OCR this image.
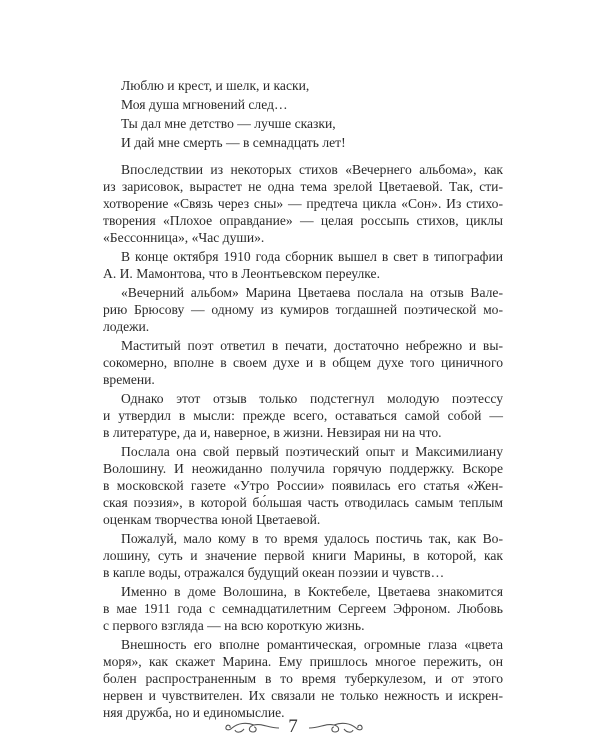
Люблю и крест, и шелк, и каски,
Моя душа мгновений след…
Ты дал мне детство — лучше сказки,
И дай мне смерть — в семнадцать лет!
Впоследствии из некоторых стихов «Вечернего альбома», как
из зарисовок, вырастет не одна тема зрелой Цветаевой. Так, сти-
хотворение «Связь через сны» — предтеча цикла «Сон». Из стихо-
творения «Плохое оправдание» — целая россыпь стихов, циклы
«Бессонница», «Час души».
В конце октября 1910 года сборник вышел в свет в типографии
А. И. Мамонтова, что в Леонтьевском переулке.
«Вечерний альбом» Марина Цветаева послала на отзыв Вале-
рию Брюсову — одному из кумиров тогдашней поэтической мо-
лодежи.
Маститый поэт ответил в печати, достаточно небрежно и вы-
сокомерно, вполне в своем духе и в общем духе того циничного
времени.
Однако этот отзыв только подстегнул молодую поэтессу
и утвердил в мысли: прежде всего, оставаться самой собой —
в литературе, да и, наверное, в жизни. Невзирая ни на что.
Послала она свой первый поэтический опыт и Максимилиану
Волошину. И неожиданно получила горячую поддержку. Вскоре
в московской газете «Утро России» появилась его статья «Жен-
ская поэзия», в которой бо́льшая часть отводилась самым теплым
оценкам творчества юной Цветаевой.
Пожалуй, мало кому в то время удалось постичь так, как Во-
лошину, суть и значение первой книги Марины, в которой, как
в капле воды, отражался будущий океан поэзии и чувств…
Именно в доме Волошина, в Коктебеле, Цветаева знакомится
в мае 1911 года с семнадцатилетним Сергеем Эфроном. Любовь
с первого взгляда — на всю короткую жизнь.
Внешность его вполне романтическая, огромные глаза «цвета
моря», как скажет Марина. Ему пришлось многое пережить, он
болен распространенным в то время туберкулезом, и от этого
нервен и чувствителен. Их связали не только нежность и искрен-
няя дружба, но и единомыслие.
7
